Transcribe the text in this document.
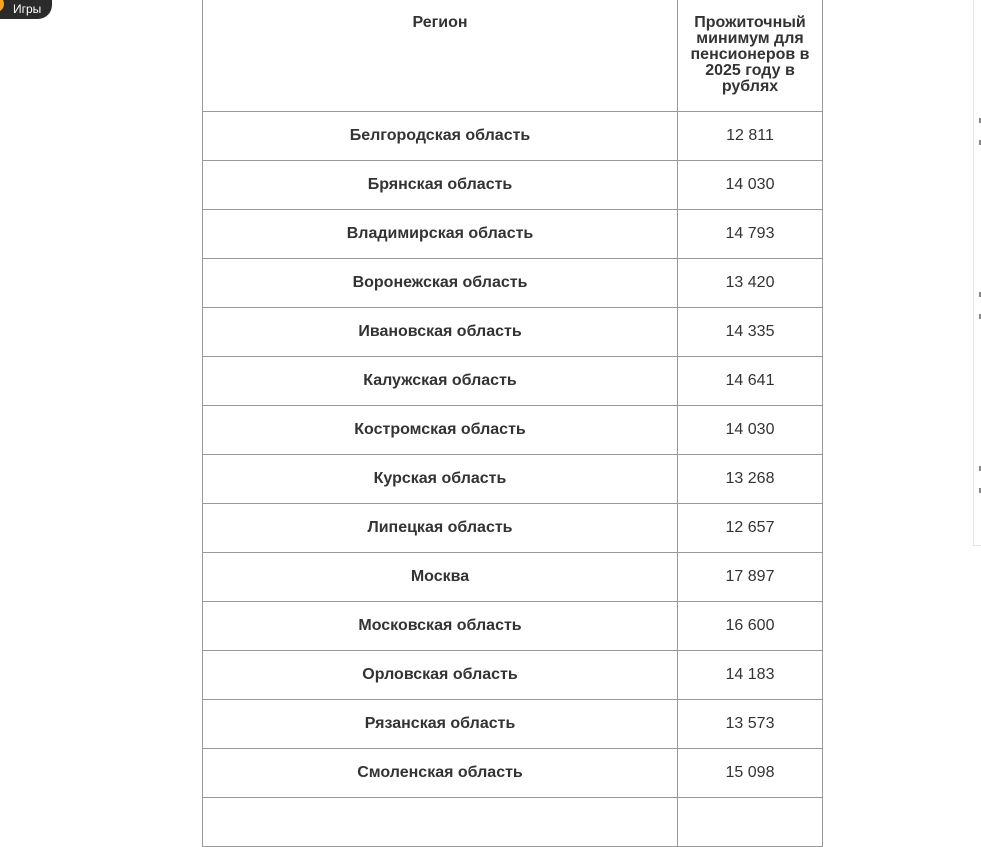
Игры
Регион	Прожиточный минимум для пенсионеров в 2025 году в рублях
Белгородская область	12 811
Брянская область	14 030
Владимирская область	14 793
Воронежская область	13 420
Ивановская область	14 335
Калужская область	14 641
Костромская область	14 030
Курская область	13 268
Липецкая область	12 657
Москва	17 897
Московская область	16 600
Орловская область	14 183
Рязанская область	13 573
Смоленская область	15 098
